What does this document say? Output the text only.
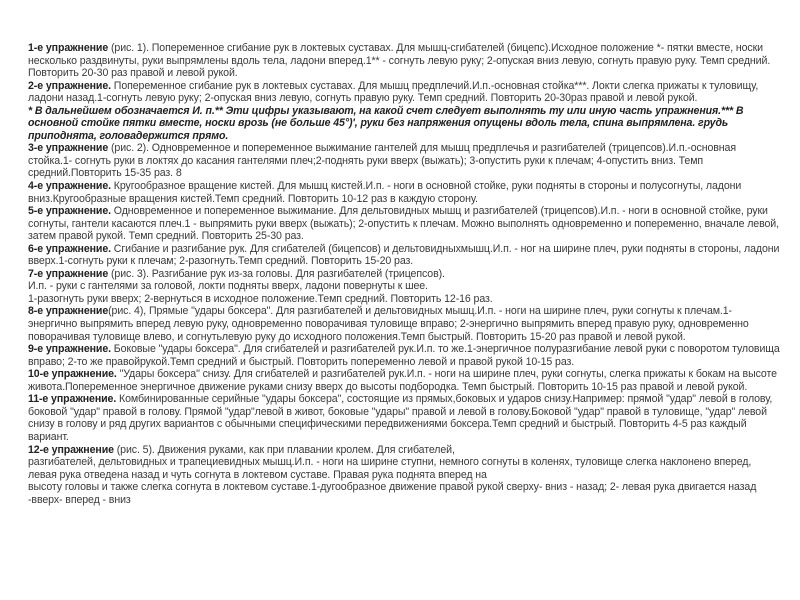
1-е упражнение (рис. 1). Попеременное сгибание рук в локтевых суставах. Для мышц-сгибателей (бицепс).Исходное положение *- пятки вместе, носки несколько раздвинуты, руки выпрямлены вдоль тела, ладони вперед.1** - согнуть левую руку; 2-опуская вниз левую, согнуть правую руку. Темп средний. Повторить 20-30 раз правой и левой рукой.

2-е упражнение. Попеременное сгибание рук в локтевых суставах. Для мышц предплечий.И.п.-основная стойка***. Локти слегка прижаты к туловищу, ладони назад.1-согнуть левую руку; 2-опуская вниз левую, согнуть правую руку. Темп средний. Повторить 20-30раз правой и левой рукой.

* В дальнейшем обозначается И. п.** Эти цифры указывают, на какой счет следует выполнять ту или иную часть упражнения.*** В основной стойке пятки вместе, носки врозь (не больше 45°)', руки без напряжения опущены вдоль тела, спина выпрямлена. грудь приподнята, головадержится прямо.

3-е упражнение (рис. 2). Одновременное и попеременное выжимание гантелей для мышц предплечья и разгибателей (трицепсов).И.п.-основная стойка.1- согнуть руки в локтях до касания гантелями плеч;2-поднять руки вверх (выжать); 3-опустить руки к плечам; 4-опустить вниз. Темп средний.Повторить 15-35 раз. 8

4-е упражнение. Кругообразное вращение кистей. Для мышц кистей.И.п. - ноги в основной стойке, руки подняты в стороны и полусогнуты, ладони вниз.Кругообразные вращения кистей.Темп средний. Повторить 10-12 раз в каждую сторону.

5-е упражнение. Одновременное и попеременное выжимание. Для дельтовидных мышц и разгибателей (трицепсов).И.п. - ноги в основной стойке, руки согнуты, гантели касаются плеч.1 - выпрямить руки вверх (выжать); 2-опустить к плечам. Можно выполнять одновременно и попеременно, вначале левой, затем правой рукой. Темп средний. Повторить 25-30 раз.

6-е упражнение. Сгибание и разгибание рук. Для сгибателей (бицепсов) и дельтовидныхмышц.И.п. - ног на ширине плеч, руки подняты в стороны, ладони вверх.1-согнуть руки к плечам; 2-разогнуть.Темп средний. Повторить 15-20 раз.

7-е упражнение (рис. 3). Разгибание рук из-за головы. Для разгибателей (трицепсов).

И.п. - руки с гантелями за головой, локти подняты вверх, ладони повернуты к шее.

1-разогнуть руки вверх; 2-вернуться в исходное положение.Темп средний. Повторить 12-16 раз.

8-е упражнение(рис. 4), Прямые "удары боксера". Для разгибателей и дельтовидных мышц.И.п. - ноги на ширине плеч, руки согнуты к плечам.1-энергично выпрямить вперед левую руку, одновременно поворачивая туловище вправо; 2-энергично выпрямить вперед правую руку, одновременно поворачивая туловище влево, и согнутьлевую руку до исходного положения.Темп быстрый. Повторить 15-20 раз правой и левой рукой.

9-е упражнение. Боковые "удары боксера". Для сгибателей и разгибателей рук.И.п. то же.1-энергичное полуразгибание левой руки с поворотом туловища вправо; 2-то же правойрукой.Темп средний и быстрый. Повторить попеременно левой и правой рукой 10-15 раз.

10-е упражнение. "Удары боксера" снизу. Для сгибателей и разгибателей рук.И.п. - ноги на ширине плеч, руки согнуты, слегка прижаты к бокам на высоте живота.Попеременное энергичное движение руками снизу вверх до высоты подбородка. Темп быстрый. Повторить 10-15 раз правой и левой рукой.

11-е упражнение. Комбинированные серийные "удары боксера", состоящие из прямых,боковых и ударов снизу.Например: прямой "удар" левой в голову, боковой "удар" правой в голову. Прямой "удар"левой в живот, боковые "удары" правой и левой в голову.Боковой "удар" правой в туловище, "удар" левой снизу в голову и ряд других вариантов с обычными специфическими передвижениями боксера.Темп средний и быстрый. Повторить 4-5 раз каждый вариант.

12-е упражнение (рис. 5). Движения руками, как при плавании кролем. Для сгибателей,

разгибателей, дельтовидных и трапециевидных мышц.И.п. - ноги на ширине ступни, немного согнуты в коленях, туловище слегка наклонено вперед, левая рука отведена назад и чуть согнута в локтевом суставе. Правая рука поднята вперед на

высоту головы и также слегка согнута в локтевом суставе.1-дугообразное движение правой рукой сверху- вниз - назад; 2- левая рука двигается назад -вверх- вперед - вниз
